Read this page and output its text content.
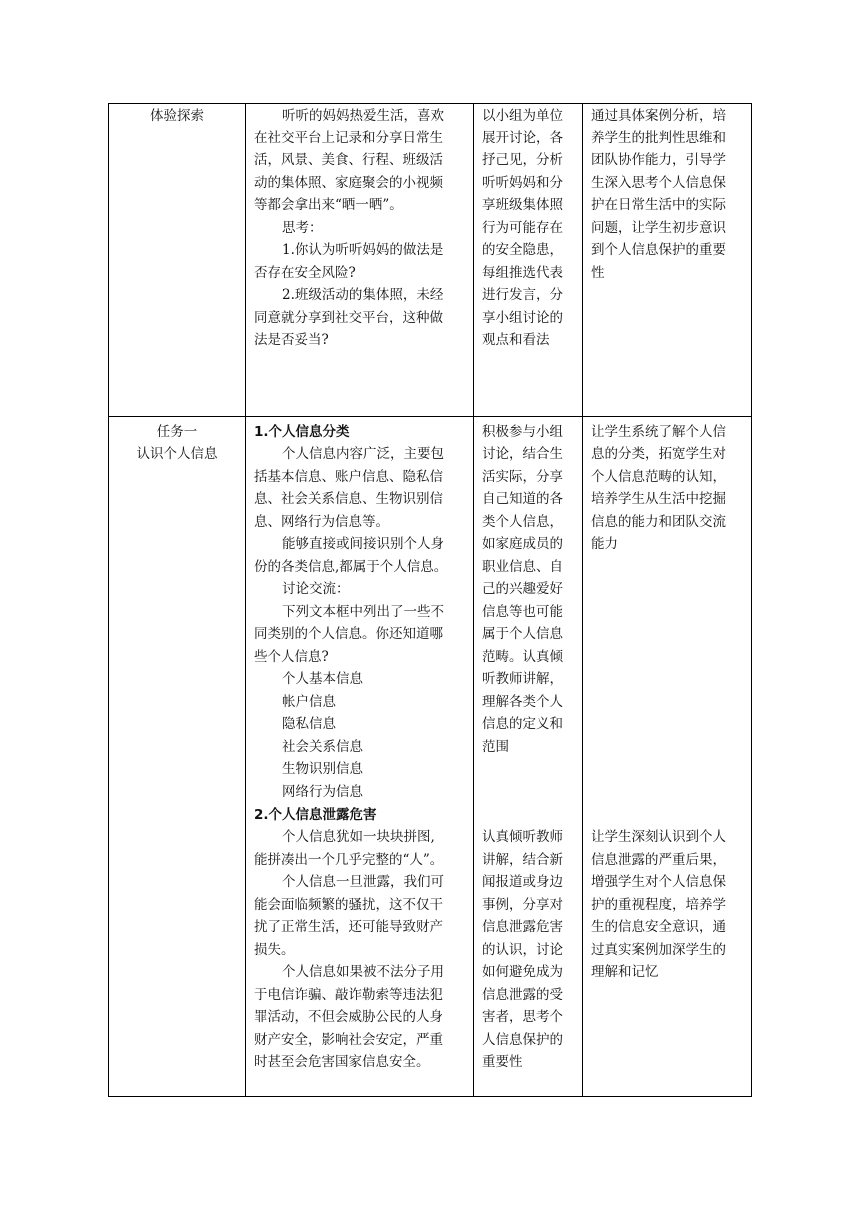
体验探索	听听的妈妈热爱生活，喜欢
在社交平台上记录和分享日常生
活，风景、美食、行程、班级活
动的集体照、家庭聚会的小视频
等都会拿出来“晒一晒”。
思考：
1.你认为听听妈妈的做法是
否存在安全风险?
2.班级活动的集体照，未经
同意就分享到社交平台，这种做
法是否妥当?
以小组为单位
展开讨论，各
抒己见，分析
听听妈妈和分
享班级集体照
行为可能存在
的安全隐患，
每组推选代表
进行发言，分
享小组讨论的
观点和看法
通过具体案例分析，培
养学生的批判性思维和
团队协作能力，引导学
生深入思考个人信息保
护在日常生活中的实际
问题，让学生初步意识
到个人信息保护的重要
性
任务一
认识个人信息
1.个人信息分类
个人信息内容广泛，主要包
括基本信息、账户信息、隐私信
息、社会关系信息、生物识别信
息、网络行为信息等。
能够直接或间接识别个人身
份的各类信息,都属于个人信息。
讨论交流：
下列文本框中列出了一些不
同类别的个人信息。你还知道哪
些个人信息?
个人基本信息
帐户信息
隐私信息
社会关系信息
生物识别信息
网络行为信息
2.个人信息泄露危害
个人信息犹如一块块拼图,
能拼凑出一个几乎完整的“人”。
个人信息一旦泄露，我们可
能会面临频繁的骚扰，这不仅干
扰了正常生活，还可能导致财产
损失。
个人信息如果被不法分子用
于电信诈骗、敲诈勒索等违法犯
罪活动，不但会威胁公民的人身
财产安全，影响社会安定，严重
时甚至会危害国家信息安全。
积极参与小组
讨论，结合生
活实际，分享
自己知道的各
类个人信息，
如家庭成员的
职业信息、自
己的兴趣爱好
信息等也可能
属于个人信息
范畴。认真倾
听教师讲解，
理解各类个人
信息的定义和
范围
认真倾听教师
讲解，结合新
闻报道或身边
事例，分享对
信息泄露危害
的认识，讨论
如何避免成为
信息泄露的受
害者，思考个
人信息保护的
重要性
让学生系统了解个人信
息的分类，拓宽学生对
个人信息范畴的认知，
培养学生从生活中挖掘
信息的能力和团队交流
能力
让学生深刻认识到个人
信息泄露的严重后果，
增强学生对个人信息保
护的重视程度，培养学
生的信息安全意识，通
过真实案例加深学生的
理解和记忆
